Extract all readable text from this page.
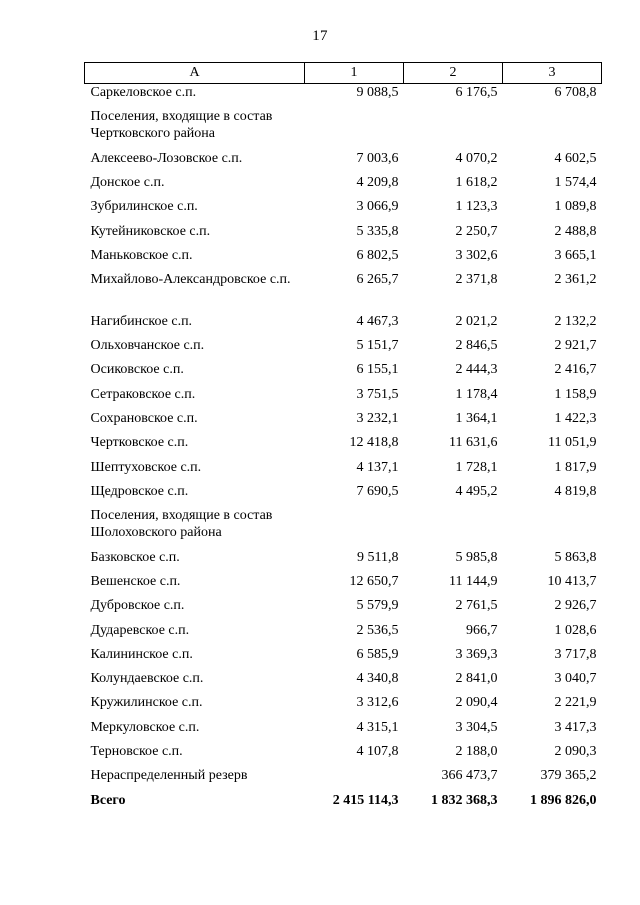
17
А	1	2	3
Саркеловское с.п.	9 088,5	6 176,5	6 708,8
Поселения, входящие в состав Чертковского района			
Алексеево-Лозовское с.п.	7 003,6	4 070,2	4 602,5
Донское с.п.	4 209,8	1 618,2	1 574,4
Зубрилинское с.п.	3 066,9	1 123,3	1 089,8
Кутейниковское с.п.	5 335,8	2 250,7	2 488,8
Маньковское с.п.	6 802,5	3 302,6	3 665,1
Михайлово-Александровское с.п.	6 265,7	2 371,8	2 361,2
Нагибинское с.п.	4 467,3	2 021,2	2 132,2
Ольховчанское с.п.	5 151,7	2 846,5	2 921,7
Осиковское с.п.	6 155,1	2 444,3	2 416,7
Сетраковское с.п.	3 751,5	1 178,4	1 158,9
Сохрановское с.п.	3 232,1	1 364,1	1 422,3
Чертковское с.п.	12 418,8	11 631,6	11 051,9
Шептуховское с.п.	4 137,1	1 728,1	1 817,9
Щедровское с.п.	7 690,5	4 495,2	4 819,8
Поселения, входящие в состав Шолоховского района			
Базковское с.п.	9 511,8	5 985,8	5 863,8
Вешенское с.п.	12 650,7	11 144,9	10 413,7
Дубровское с.п.	5 579,9	2 761,5	2 926,7
Дударевское с.п.	2 536,5	966,7	1 028,6
Калининское с.п.	6 585,9	3 369,3	3 717,8
Колундаевское с.п.	4 340,8	2 841,0	3 040,7
Кружилинское с.п.	3 312,6	2 090,4	2 221,9
Меркуловское с.п.	4 315,1	3 304,5	3 417,3
Терновское с.п.	4 107,8	2 188,0	2 090,3
Нераспределенный резерв		366 473,7	379 365,2
Всего	2 415 114,3	1 832 368,3	1 896 826,0
